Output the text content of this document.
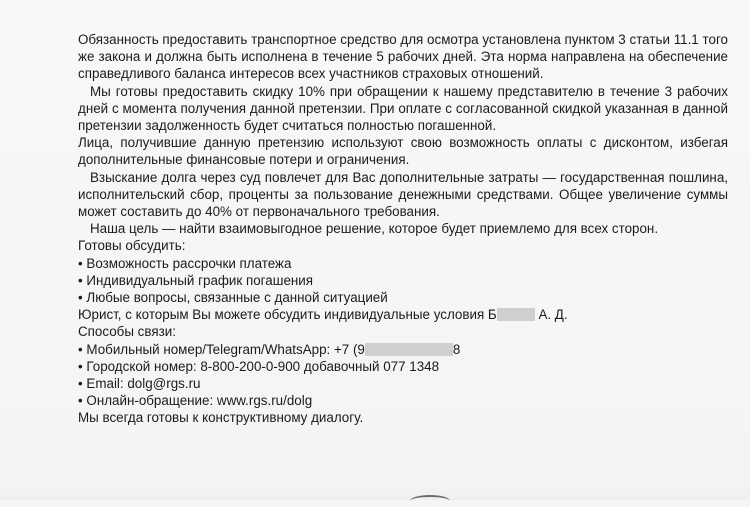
Обязанность предоставить транспортное средство для осмотра установлена пунктом 3 статьи 11.1 того же закона и должна быть исполнена в течение 5 рабочих дней. Эта норма направлена на обеспечение справедливого баланса интересов всех участников страховых отношений.

Мы готовы предоставить скидку 10% при обращении к нашему представителю в течение 3 рабочих дней с момента получения данной претензии. При оплате с согласованной скидкой указанная в данной претензии задолженность будет считаться полностью погашенной.

Лица, получившие данную претензию используют свою возможность оплаты с дисконтом, избегая дополнительные финансовые потери и ограничения.

Взыскание долга через суд повлечет для Вас дополнительные затраты — государственная пошлина, исполнительский сбор, проценты за пользование денежными средствами. Общее увеличение суммы может составить до 40% от первоначального требования.

Наша цель — найти взаимовыгодное решение, которое будет приемлемо для всех сторон.

Готовы обсудить:

• Возможность рассрочки платежа

• Индивидуальный график погашения

• Любые вопросы, связанные с данной ситуацией

Юрист, с которым Вы можете обсудить индивидуальные условия Б	А. Д.

Способы связи:

• Мобильный номер/Telegram/WhatsApp: +7 (9	8

• Городской номер: 8-800-200-0-900 добавочный 077 1348

• Email: dolg@rgs.ru

• Онлайн-обращение: www.rgs.ru/dolg

Мы всегда готовы к конструктивному диалогу.
